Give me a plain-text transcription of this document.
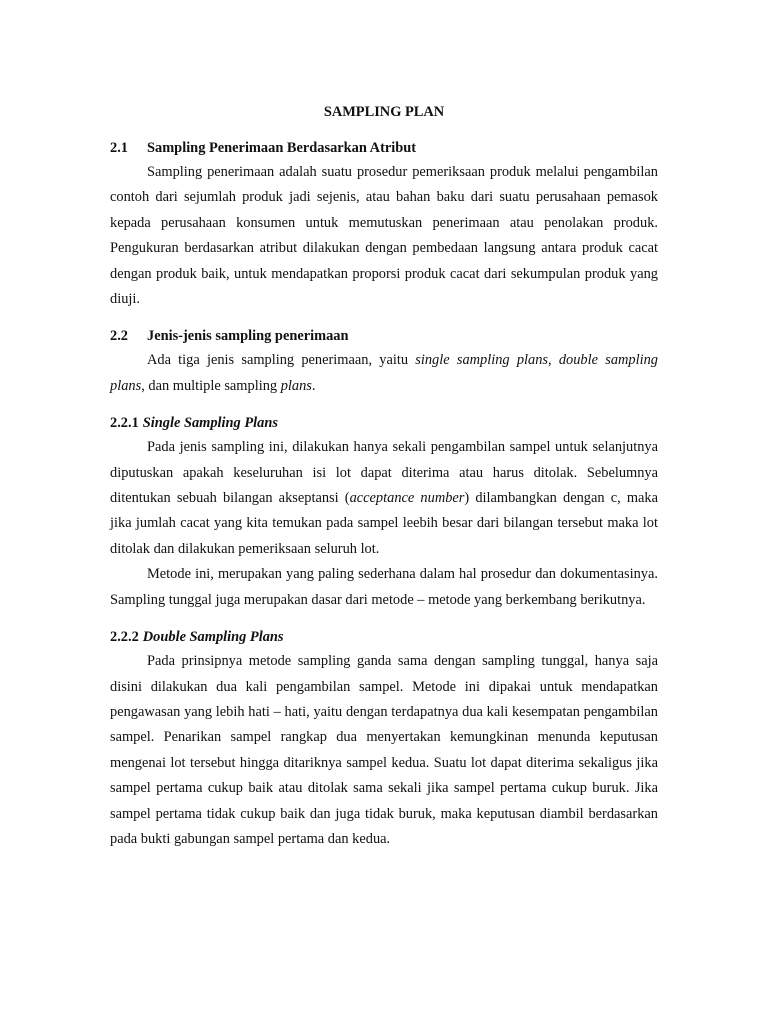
SAMPLING PLAN
2.1 Sampling Penerimaan Berdasarkan Atribut

Sampling penerimaan adalah suatu prosedur pemeriksaan produk melalui pengambilan contoh dari sejumlah produk jadi sejenis, atau bahan baku dari suatu perusahaan pemasok kepada perusahaan konsumen untuk memutuskan penerimaan atau penolakan produk. Pengukuran berdasarkan atribut dilakukan dengan pembedaan langsung antara produk cacat dengan produk baik, untuk mendapatkan proporsi produk cacat dari sekumpulan produk yang diuji.

2.2 Jenis-jenis sampling penerimaan

Ada tiga jenis sampling penerimaan, yaitu single sampling plans, double sampling plans, dan multiple sampling plans.

2.2.1 Single Sampling Plans

Pada jenis sampling ini, dilakukan hanya sekali pengambilan sampel untuk selanjutnya diputuskan apakah keseluruhan isi lot dapat diterima atau harus ditolak. Sebelumnya ditentukan sebuah bilangan akseptansi (acceptance number) dilambangkan dengan c, maka jika jumlah cacat yang kita temukan pada sampel leebih besar dari bilangan tersebut maka lot ditolak dan dilakukan pemeriksaan seluruh lot.

Metode ini, merupakan yang paling sederhana dalam hal prosedur dan dokumentasinya. Sampling tunggal juga merupakan dasar dari metode – metode yang berkembang berikutnya.

2.2.2 Double Sampling Plans

Pada prinsipnya metode sampling ganda sama dengan sampling tunggal, hanya saja disini dilakukan dua kali pengambilan sampel. Metode ini dipakai untuk mendapatkan pengawasan yang lebih hati – hati, yaitu dengan terdapatnya dua kali kesempatan pengambilan sampel. Penarikan sampel rangkap dua menyertakan kemungkinan menunda keputusan mengenai lot tersebut hingga ditariknya sampel kedua. Suatu lot dapat diterima sekaligus jika sampel pertama cukup baik atau ditolak sama sekali jika sampel pertama cukup buruk. Jika sampel pertama tidak cukup baik dan juga tidak buruk, maka keputusan diambil berdasarkan pada bukti gabungan sampel pertama dan kedua.
